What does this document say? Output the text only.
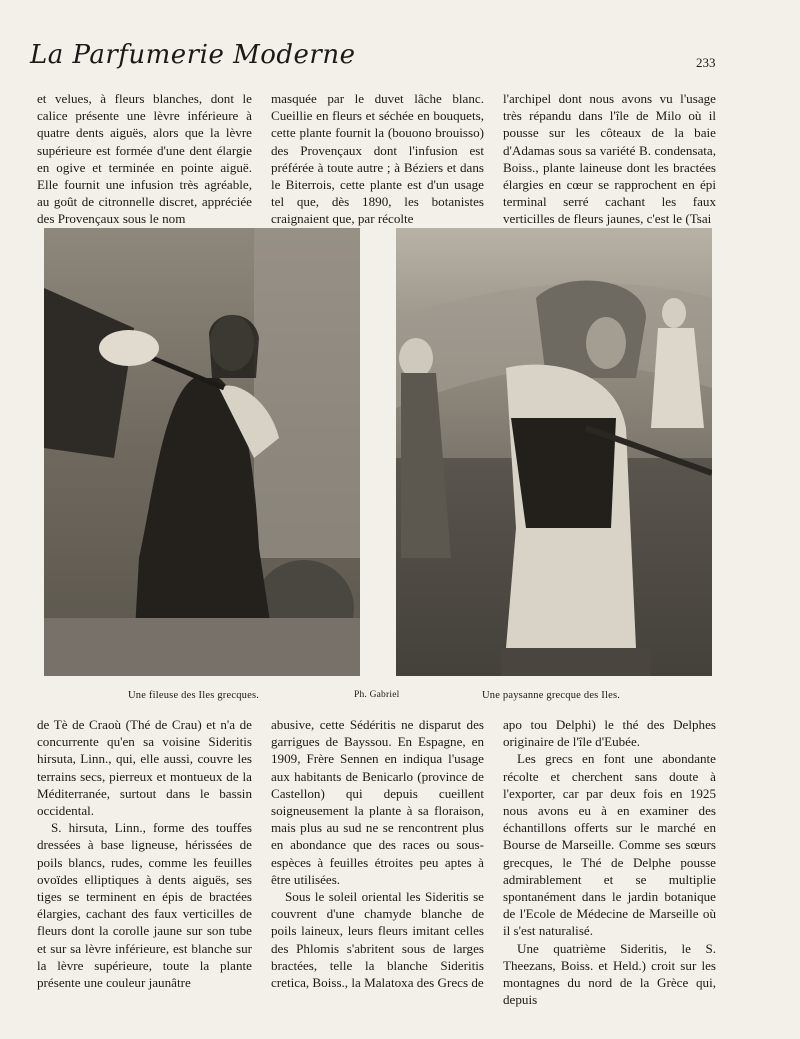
La Parfumerie Moderne	233

et velues, à fleurs blanches, dont le calice présente une lèvre inférieure à quatre dents aiguës, alors que la lèvre supérieure est formée d'une dent élargie en ogive et terminée en pointe aiguë. Elle fournit une infusion très agréable, au goût de citronnelle discret, appréciée des Provençaux sous le nom

masquée par le duvet lâche blanc. Cueillie en fleurs et séchée en bouquets, cette plante fournit la (bouono brouisso) des Provençaux dont l'infusion est préférée à toute autre ; à Béziers et dans le Biterrois, cette plante est d'un usage tel que, dès 1890, les botanistes craignaient que, par récolte

l'archipel dont nous avons vu l'usage très répandu dans l'île de Milo où il pousse sur les côteaux de la baie d'Adamas sous sa variété B. condensata, Boiss., plante laineuse dont les bractées élargies en cœur se rapprochent en épi terminal serré cachant les faux verticilles de fleurs jaunes, c'est le (Tsai

Une fileuse des Iles grecques.	Ph. Gabriel	Une paysanne grecque des Iles.

de Tè de Craoù (Thé de Crau) et n'a de concurrente qu'en sa voisine Sideritis hirsuta, Linn., qui, elle aussi, couvre les terrains secs, pierreux et montueux de la Méditerranée, surtout dans le bassin occidental.

S. hirsuta, Linn., forme des touffes dressées à base ligneuse, hérissées de poils blancs, rudes, comme les feuilles ovoïdes elliptiques à dents aiguës, ses tiges se terminent en épis de bractées élargies, cachant des faux verticilles de fleurs dont la corolle jaune sur son tube et sur sa lèvre inférieure, est blanche sur la lèvre supérieure, toute la plante présente une couleur jaunâtre

abusive, cette Sédéritis ne disparut des garrigues de Bayssou. En Espagne, en 1909, Frère Sennen en indiqua l'usage aux habitants de Benicarlo (province de Castellon) qui depuis cueillent soigneusement la plante à sa floraison, mais plus au sud ne se rencontrent plus en abondance que des races ou sous-espèces à feuilles étroites peu aptes à être utilisées.

Sous le soleil oriental les Sideritis se couvrent d'une chamyde blanche de poils laineux, leurs fleurs imitant celles des Phlomis s'abritent sous de larges bractées, telle la blanche Sideritis cretica, Boiss., la Malatoxa des Grecs de

apo tou Delphi) le thé des Delphes originaire de l'île d'Eubée.

Les grecs en font une abondante récolte et cherchent sans doute à l'exporter, car par deux fois en 1925 nous avons eu à en examiner des échantillons offerts sur le marché en Bourse de Marseille. Comme ses sœurs grecques, le Thé de Delphe pousse admirablement et se multiplie spontanément dans le jardin botanique de l'Ecole de Médecine de Marseille où il s'est naturalisé.

Une quatrième Sideritis, le S. Theezans, Boiss. et Held.) croit sur les montagnes du nord de la Grèce qui, depuis
